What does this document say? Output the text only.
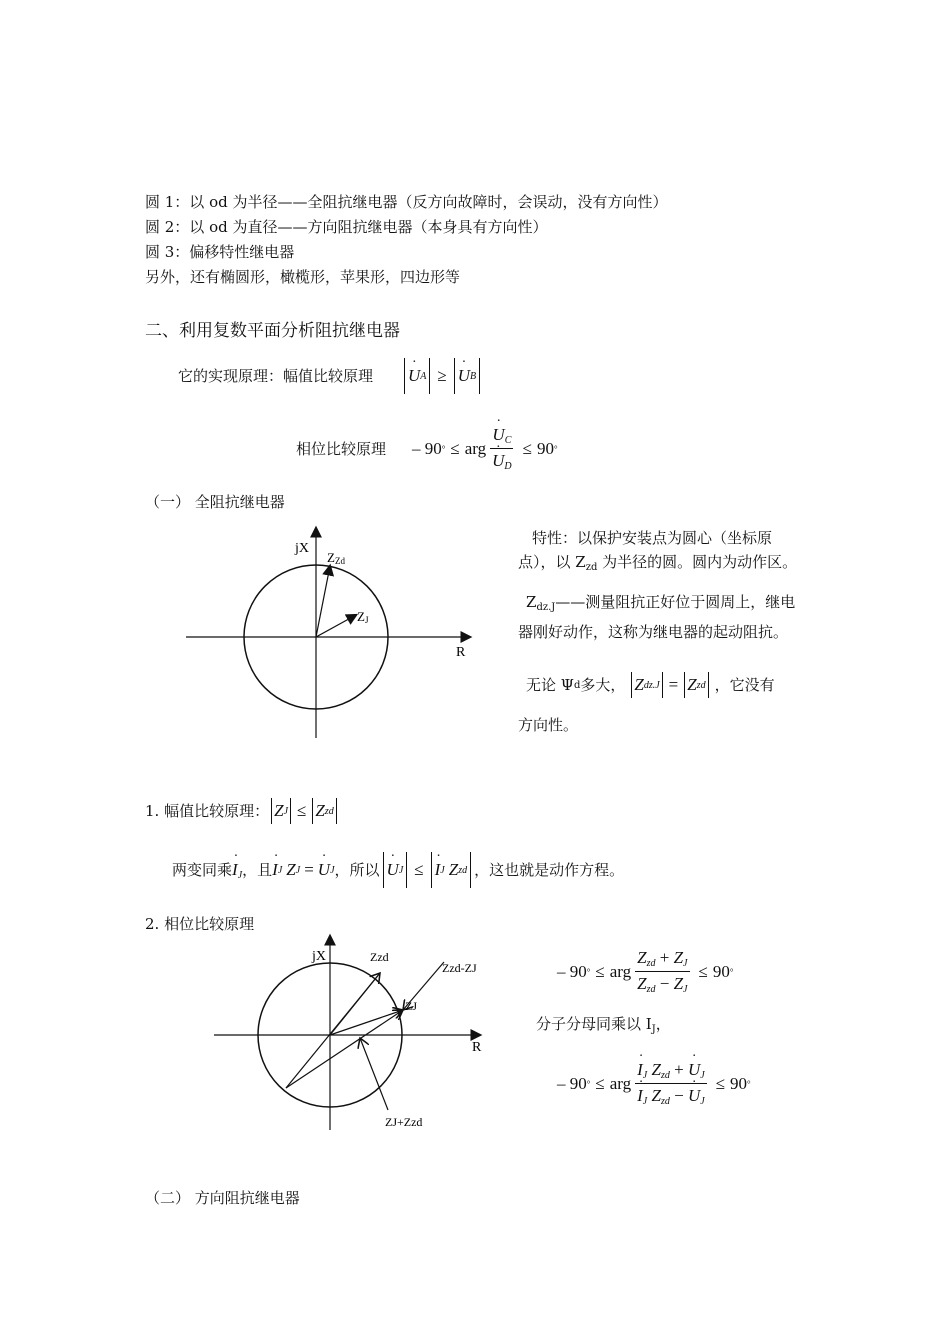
圆 1：以 od 为半径——全阻抗继电器（反方向故障时，会误动，没有方向性）
圆 2：以 od 为直径——方向阻抗继电器（本身具有方向性）
圆 3：偏移特性继电器
另外，还有椭圆形，橄榄形，苹果形，四边形等
二、利用复数平面分析阻抗继电器
它的实现原理：幅值比较原理 · U A ≥ · U B
相位比较原理 – 90 ° ≤ arg · $U_C$
· $U_D \le 90$ °
（一） 全阻抗继电器
jX
R
ZZd
ZJ
特性：以保护安装点为圆心（坐标原点），以 $Z_{zd}$ 为半径的圆。圆内为动作区。
$Z_{dz.J}——$测量阻抗正好位于圆周上，继电器刚好动作，这称为继电器的起动阻抗。
无论 Ψ d 多大， Z dz.J = Z zd ，它没有
方向性。
1. 幅值比较原理： Z J ≤ Z zd
两变同乘 · $I_J$ ，且 · I J Z J = · U J ，所以 · U J ≤ · I J Z zd ，这也就是动作方程。
2. 相位比较原理
jX
R
Zzd
Zzd-ZJ
ZJ
ZJ+Zzd
– 90 ° ≤ arg $\frac{Z_{zd} + Z_J}{Z_{zd} - Z_J} \le 90$ °
分子分母同乘以 $I_J$，
– 90 ° ≤ arg · $I_J$ $Z_{zd}$ + · $U_J$
· $I_J$ $Z_{zd}$ − · $U_J \le 90$ °
（二） 方向阻抗继电器
